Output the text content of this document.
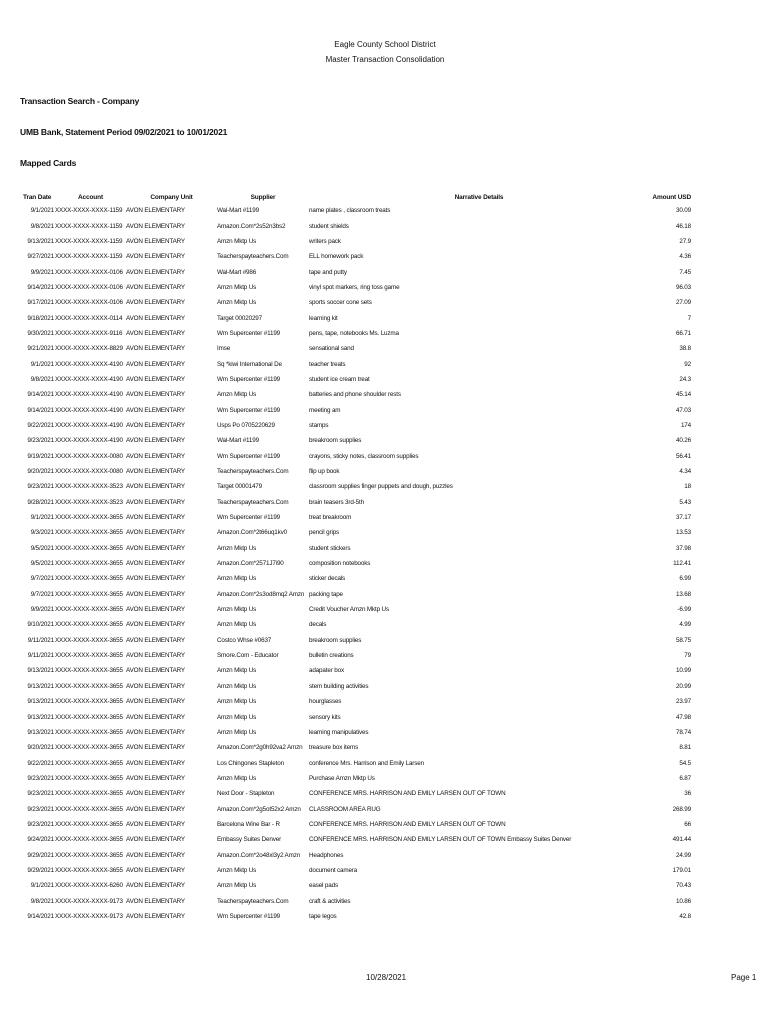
Eagle County School District
Master Transaction Consolidation
Transaction Search - Company
UMB Bank, Statement Period 09/02/2021 to 10/01/2021
Mapped Cards
Tran Date	Account	Company Unit	Supplier	Narrative Details	Amount USD
9/1/2021	XXXX-XXXX-XXXX-1159	AVON ELEMENTARY	Wal-Mart #1199	name plates , classroom treats	30.09
9/8/2021	XXXX-XXXX-XXXX-1159	AVON ELEMENTARY	Amazon.Com*2s52n3bs2	student shields	46.18
9/13/2021	XXXX-XXXX-XXXX-1159	AVON ELEMENTARY	Amzn Mktp Us	writers pack	27.9
9/27/2021	XXXX-XXXX-XXXX-1159	AVON ELEMENTARY	Teacherspayteachers.Com	ELL homework pack	4.36
9/9/2021	XXXX-XXXX-XXXX-0106	AVON ELEMENTARY	Wal-Mart #986	tape and putty	7.45
9/14/2021	XXXX-XXXX-XXXX-0106	AVON ELEMENTARY	Amzn Mktp Us	vinyl spot markers, ring toss game	96.03
9/17/2021	XXXX-XXXX-XXXX-0106	AVON ELEMENTARY	Amzn Mktp Us	sports soccer cone sets	27.09
9/18/2021	XXXX-XXXX-XXXX-0114	AVON ELEMENTARY	Target 00020297	learning kit	7
9/30/2021	XXXX-XXXX-XXXX-9116	AVON ELEMENTARY	Wm Supercenter #1199	pens, tape, notebooks Ms. Luzma	66.71
9/21/2021	XXXX-XXXX-XXXX-8829	AVON ELEMENTARY	Imse	sensational sand	38.8
9/1/2021	XXXX-XXXX-XXXX-4190	AVON ELEMENTARY	Sq *kiwi International De	teacher treats	92
9/8/2021	XXXX-XXXX-XXXX-4190	AVON ELEMENTARY	Wm Supercenter #1199	student ice cream treat	24.3
9/14/2021	XXXX-XXXX-XXXX-4190	AVON ELEMENTARY	Amzn Mktp Us	batteries and phone shoulder rests	45.14
9/14/2021	XXXX-XXXX-XXXX-4190	AVON ELEMENTARY	Wm Supercenter #1199	meeting am	47.03
9/22/2021	XXXX-XXXX-XXXX-4190	AVON ELEMENTARY	Usps Po 0705220629	stamps	174
9/23/2021	XXXX-XXXX-XXXX-4190	AVON ELEMENTARY	Wal-Mart #1199	breakroom supplies	40.26
9/19/2021	XXXX-XXXX-XXXX-0080	AVON ELEMENTARY	Wm Supercenter #1199	crayons, sticky notes, classroom supplies	56.41
9/20/2021	XXXX-XXXX-XXXX-0080	AVON ELEMENTARY	Teacherspayteachers.Com	flip up book	4.34
9/23/2021	XXXX-XXXX-XXXX-3523	AVON ELEMENTARY	Target 00001479	classroom supplies finger puppets and dough, puzzles	18
9/28/2021	XXXX-XXXX-XXXX-3523	AVON ELEMENTARY	Teacherspayteachers.Com	brain teasers 3rd-5th	5.43
9/1/2021	XXXX-XXXX-XXXX-3655	AVON ELEMENTARY	Wm Supercenter #1199	treat breakroom	37.17
9/3/2021	XXXX-XXXX-XXXX-3655	AVON ELEMENTARY	Amazon.Com*2t66uq1kv0	pencil grips	13.53
9/5/2021	XXXX-XXXX-XXXX-3655	AVON ELEMENTARY	Amzn Mktp Us	student stickers	37.98
9/5/2021	XXXX-XXXX-XXXX-3655	AVON ELEMENTARY	Amazon.Com*2571J7i90	composition notebooks	112.41
9/7/2021	XXXX-XXXX-XXXX-3655	AVON ELEMENTARY	Amzn Mktp Us	sticker decals	6.99
9/7/2021	XXXX-XXXX-XXXX-3655	AVON ELEMENTARY	Amazon.Com*2s3od8mq2 Amzn	packing tape	13.68
9/9/2021	XXXX-XXXX-XXXX-3655	AVON ELEMENTARY	Amzn Mktp Us	Credit Voucher Amzn Mktp Us	-6.99
9/10/2021	XXXX-XXXX-XXXX-3655	AVON ELEMENTARY	Amzn Mktp Us	decals	4.99
9/11/2021	XXXX-XXXX-XXXX-3655	AVON ELEMENTARY	Costco Whse #0637	breakroom supplies	58.75
9/11/2021	XXXX-XXXX-XXXX-3655	AVON ELEMENTARY	Smore.Com - Educator	bulletin creations	79
9/13/2021	XXXX-XXXX-XXXX-3655	AVON ELEMENTARY	Amzn Mktp Us	adapater box	10.99
9/13/2021	XXXX-XXXX-XXXX-3655	AVON ELEMENTARY	Amzn Mktp Us	stem building activities	20.99
9/13/2021	XXXX-XXXX-XXXX-3655	AVON ELEMENTARY	Amzn Mktp Us	hourglasses	23.97
9/13/2021	XXXX-XXXX-XXXX-3655	AVON ELEMENTARY	Amzn Mktp Us	sensory kits	47.98
9/13/2021	XXXX-XXXX-XXXX-3655	AVON ELEMENTARY	Amzn Mktp Us	learning manipulatives	78.74
9/20/2021	XXXX-XXXX-XXXX-3655	AVON ELEMENTARY	Amazon.Com*2g0h92va2 Amzn	treasure box items	8.81
9/22/2021	XXXX-XXXX-XXXX-3655	AVON ELEMENTARY	Los Chingones Stapleton	conference Mrs. Harrison and Emily Larsen	54.5
9/23/2021	XXXX-XXXX-XXXX-3655	AVON ELEMENTARY	Amzn Mktp Us	Purchase Amzn Mktp Us	6.87
9/23/2021	XXXX-XXXX-XXXX-3655	AVON ELEMENTARY	Next Door - Stapleton	CONFERENCE MRS. HARRISON AND EMILY LARSEN OUT OF TOWN	36
9/23/2021	XXXX-XXXX-XXXX-3655	AVON ELEMENTARY	Amazon.Com*2g5ot52x2 Amzn	CLASSROOM AREA RUG	268.99
9/23/2021	XXXX-XXXX-XXXX-3655	AVON ELEMENTARY	Barcelona Wine Bar - R	CONFERENCE MRS. HARRISON AND EMILY LARSEN OUT OF TOWN	66
9/24/2021	XXXX-XXXX-XXXX-3655	AVON ELEMENTARY	Embassy Suites Denver	CONFERENCE MRS. HARRISON AND EMILY LARSEN OUT OF TOWN Embassy Suites Denver	491.44
9/29/2021	XXXX-XXXX-XXXX-3655	AVON ELEMENTARY	Amazon.Com*2o48xl3y2 Amzn	Headphones	24.99
9/29/2021	XXXX-XXXX-XXXX-3655	AVON ELEMENTARY	Amzn Mktp Us	document camera	179.01
9/1/2021	XXXX-XXXX-XXXX-6260	AVON ELEMENTARY	Amzn Mktp Us	easel pads	70.43
9/8/2021	XXXX-XXXX-XXXX-9173	AVON ELEMENTARY	Teacherspayteachers.Com	craft & activities	10.86
9/14/2021	XXXX-XXXX-XXXX-9173	AVON ELEMENTARY	Wm Supercenter #1199	tape legos	42.8
10/28/2021	Page 1
